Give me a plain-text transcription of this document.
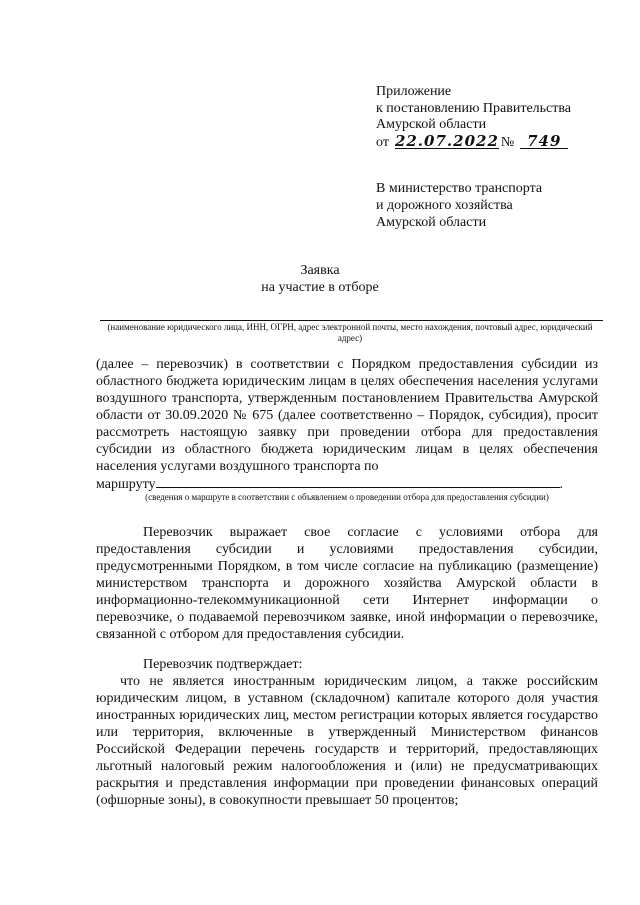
Приложение
к постановлению Правительства
Амурской области
от 22.07.2022 № 749
В министерство транспорта
и дорожного хозяйства
Амурской области
Заявка
на участие в отборе
(наименование юридического лица, ИНН, ОГРН, адрес электронной почты, место нахождения, почтовый адрес, юридический адрес)
(далее – перевозчик) в соответствии с Порядком предоставления субсидии из областного бюджета юридическим лицам в целях обеспечения населения услугами воздушного транспорта, утвержденным постановлением Правительства Амурской области от 30.09.2020 № 675 (далее соответственно – Порядок, субсидия), просит рассмотреть настоящую заявку при проведении отбора для предоставления субсидии из областного бюджета юридическим лицам в целях обеспечения населения услугами воздушного транспорта по
маршруту	.
(сведения о маршруте в соответствии с объявлением о проведении отбора для предоставления субсидии)
Перевозчик выражает свое согласие с условиями отбора для предоставления субсидии и условиями предоставления субсидии, предусмотренными Порядком, в том числе согласие на публикацию (размещение) министерством транспорта и дорожного хозяйства Амурской области в информационно-телекоммуникационной сети Интернет информации о перевозчике, о подаваемой перевозчиком заявке, иной информации о перевозчике, связанной с отбором для предоставления субсидии.
Перевозчик подтверждает:
что не является иностранным юридическим лицом, а также российским юридическим лицом, в уставном (складочном) капитале которого доля участия иностранных юридических лиц, местом регистрации которых является государство или территория, включенные в утвержденный Министерством финансов Российской Федерации перечень государств и территорий, предоставляющих льготный налоговый режим налогообложения и (или) не предусматривающих раскрытия и представления информации при проведении финансовых операций (офшорные зоны), в совокупности превышает 50 процентов;
